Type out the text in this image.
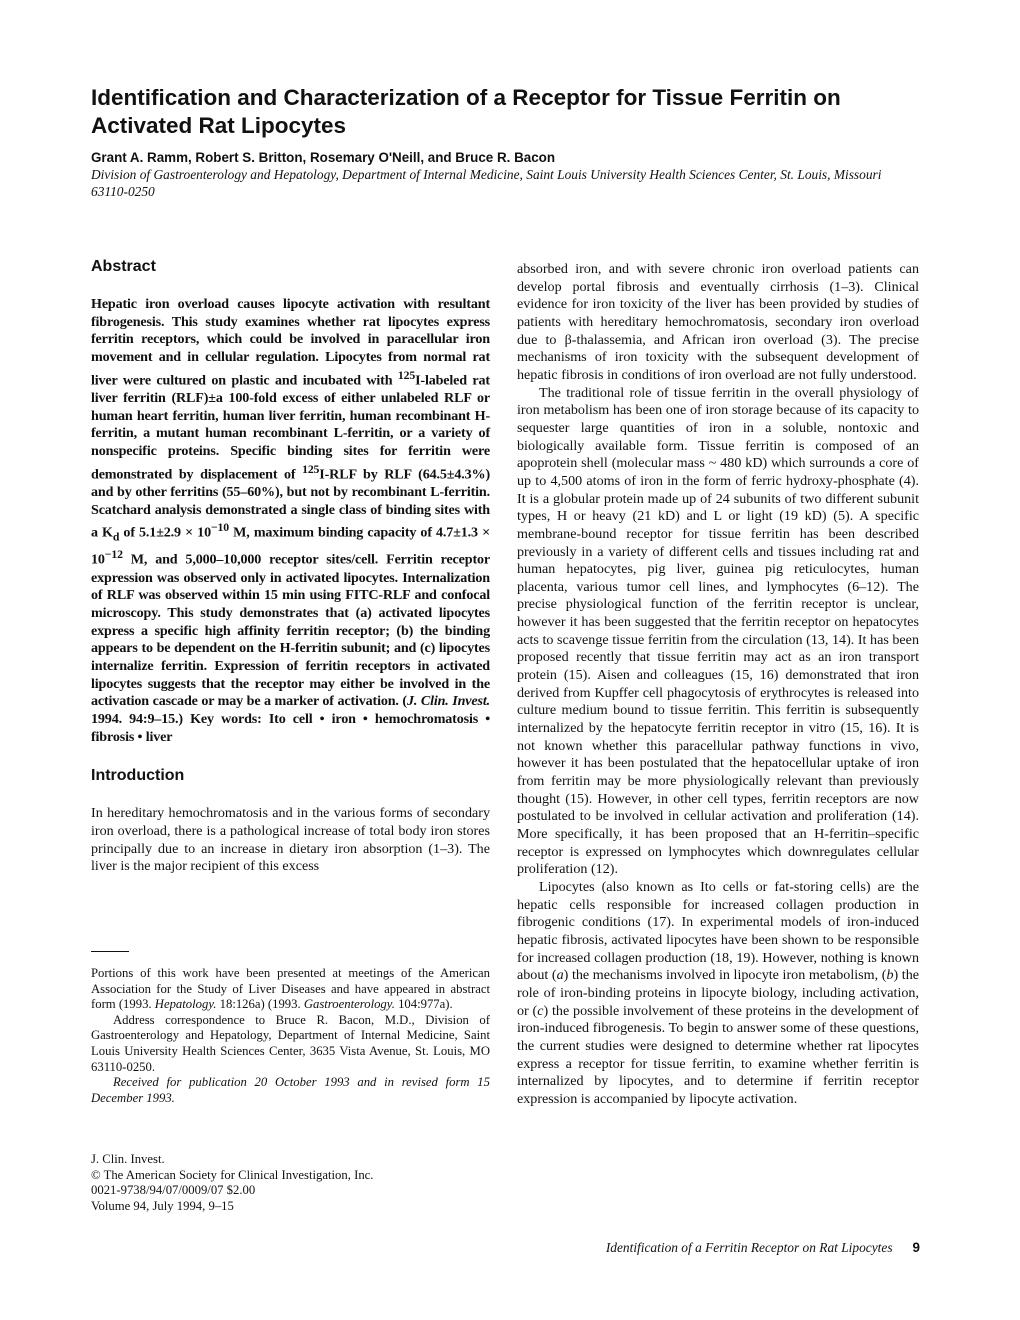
Identification and Characterization of a Receptor for Tissue Ferritin on Activated Rat Lipocytes
Grant A. Ramm, Robert S. Britton, Rosemary O'Neill, and Bruce R. Bacon
Division of Gastroenterology and Hepatology, Department of Internal Medicine, Saint Louis University Health Sciences Center, St. Louis, Missouri 63110-0250
Abstract

Hepatic iron overload causes lipocyte activation with resultant fibrogenesis. This study examines whether rat lipocytes express ferritin receptors, which could be involved in paracellular iron movement and in cellular regulation. Lipocytes from normal rat liver were cultured on plastic and incubated with $^{125}$I-labeled rat liver ferritin (RLF)±a 100-fold excess of either unlabeled RLF or human heart ferritin, human liver ferritin, human recombinant H-ferritin, a mutant human recombinant L-ferritin, or a variety of nonspecific proteins. Specific binding sites for ferritin were demonstrated by displacement of $^{125}$I-RLF by RLF (64.5±4.3%) and by other ferritins (55–60%), but not by recombinant L-ferritin. Scatchard analysis demonstrated a single class of binding sites with a $K_d$ of $5.1\pm 2.9 \times 10^{-10}$ M, maximum binding capacity of $4.7\pm 1.3 \times 10^{-12}$ M, and 5,000–10,000 receptor sites/cell. Ferritin receptor expression was observed only in activated lipocytes. Internalization of RLF was observed within 15 min using FITC-RLF and confocal microscopy. This study demonstrates that (a) activated lipocytes express a specific high affinity ferritin receptor; (b) the binding appears to be dependent on the H-ferritin subunit; and (c) lipocytes internalize ferritin. Expression of ferritin receptors in activated lipocytes suggests that the receptor may either be involved in the activation cascade or may be a marker of activation. (J. Clin. Invest. 1994. 94:9–15.) Key words: Ito cell • iron • hemochromatosis • fibrosis • liver

Introduction

In hereditary hemochromatosis and in the various forms of secondary iron overload, there is a pathological increase of total body iron stores principally due to an increase in dietary iron absorption (1–3). The liver is the major recipient of this excess

Portions of this work have been presented at meetings of the American Association for the Study of Liver Diseases and have appeared in abstract form (1993. Hepatology. 18:126a) (1993. Gastroenterology. 104:977a).

Address correspondence to Bruce R. Bacon, M.D., Division of Gastroenterology and Hepatology, Department of Internal Medicine, Saint Louis University Health Sciences Center, 3635 Vista Avenue, St. Louis, MO 63110-0250.

Received for publication 20 October 1993 and in revised form 15 December 1993.

J. Clin. Invest.
© The American Society for Clinical Investigation, Inc.
0021-9738/94/07/0009/07 $2.00
Volume 94, July 1994, 9–15

absorbed iron, and with severe chronic iron overload patients can develop portal fibrosis and eventually cirrhosis (1–3). Clinical evidence for iron toxicity of the liver has been provided by studies of patients with hereditary hemochromatosis, secondary iron overload due to β-thalassemia, and African iron overload (3). The precise mechanisms of iron toxicity with the subsequent development of hepatic fibrosis in conditions of iron overload are not fully understood.

The traditional role of tissue ferritin in the overall physiology of iron metabolism has been one of iron storage because of its capacity to sequester large quantities of iron in a soluble, nontoxic and biologically available form. Tissue ferritin is composed of an apoprotein shell (molecular mass ~ 480 kD) which surrounds a core of up to 4,500 atoms of iron in the form of ferric hydroxy-phosphate (4). It is a globular protein made up of 24 subunits of two different subunit types, H or heavy (21 kD) and L or light (19 kD) (5). A specific membrane-bound receptor for tissue ferritin has been described previously in a variety of different cells and tissues including rat and human hepatocytes, pig liver, guinea pig reticulocytes, human placenta, various tumor cell lines, and lymphocytes (6–12). The precise physiological function of the ferritin receptor is unclear, however it has been suggested that the ferritin receptor on hepatocytes acts to scavenge tissue ferritin from the circulation (13, 14). It has been proposed recently that tissue ferritin may act as an iron transport protein (15). Aisen and colleagues (15, 16) demonstrated that iron derived from Kupffer cell phagocytosis of erythrocytes is released into culture medium bound to tissue ferritin. This ferritin is subsequently internalized by the hepatocyte ferritin receptor in vitro (15, 16). It is not known whether this paracellular pathway functions in vivo, however it has been postulated that the hepatocellular uptake of iron from ferritin may be more physiologically relevant than previously thought (15). However, in other cell types, ferritin receptors are now postulated to be involved in cellular activation and proliferation (14). More specifically, it has been proposed that an H-ferritin–specific receptor is expressed on lymphocytes which downregulates cellular proliferation (12).

Lipocytes (also known as Ito cells or fat-storing cells) are the hepatic cells responsible for increased collagen production in fibrogenic conditions (17). In experimental models of iron-induced hepatic fibrosis, activated lipocytes have been shown to be responsible for increased collagen production (18, 19). However, nothing is known about (a) the mechanisms involved in lipocyte iron metabolism, (b) the role of iron-binding proteins in lipocyte biology, including activation, or (c) the possible involvement of these proteins in the development of iron-induced fibrogenesis. To begin to answer some of these questions, the current studies were designed to determine whether rat lipocytes express a receptor for tissue ferritin, to examine whether ferritin is internalized by lipocytes, and to determine if ferritin receptor expression is accompanied by lipocyte activation.

Identification of a Ferritin Receptor on Rat Lipocytes 9
